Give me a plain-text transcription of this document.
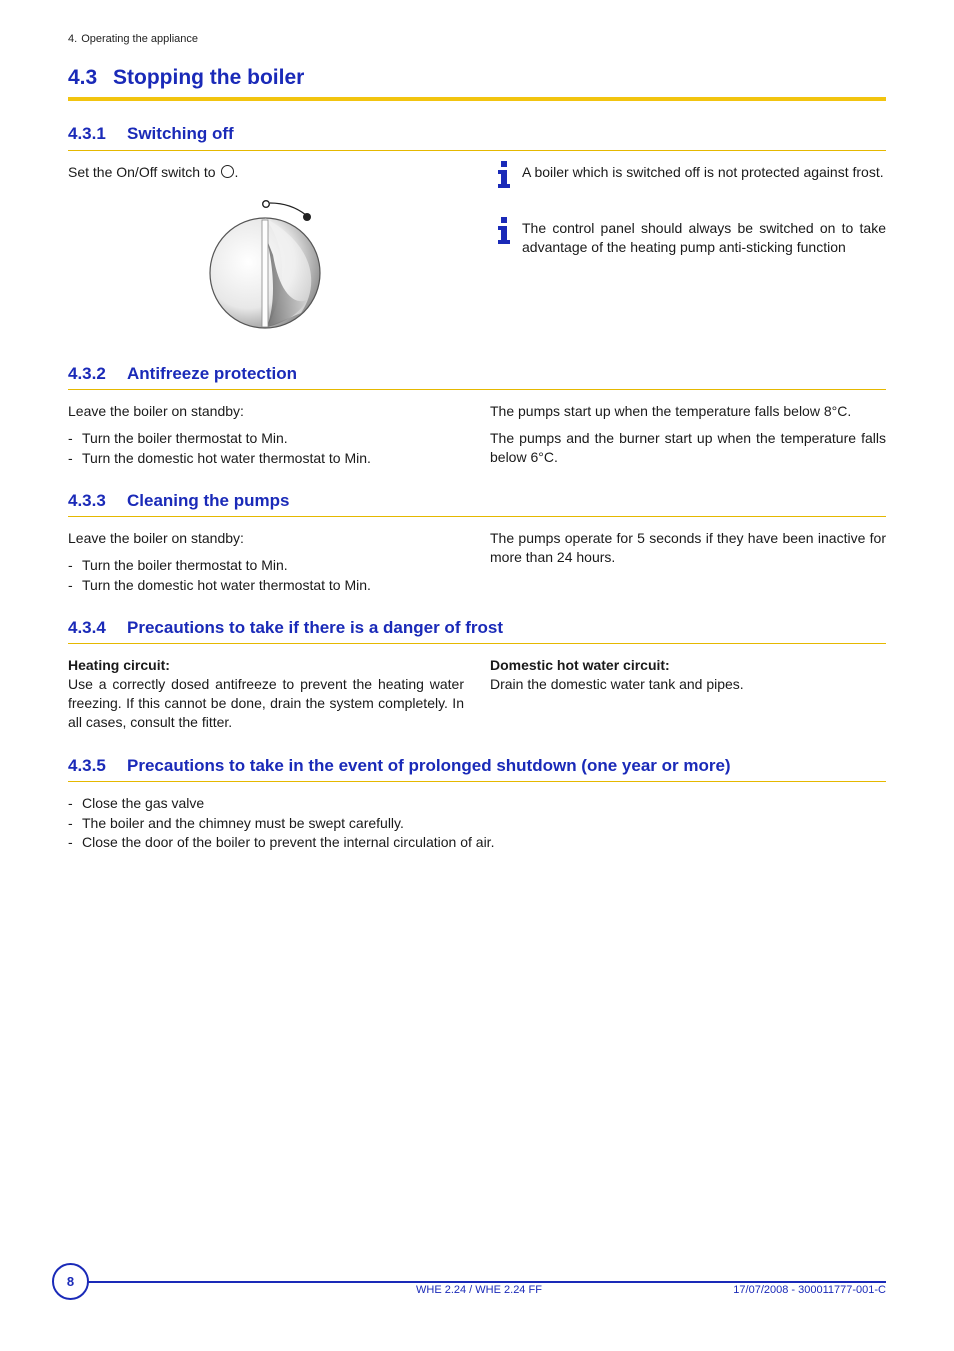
4. Operating the appliance
4.3 Stopping the boiler
4.3.1 Switching off
Set the On/Off switch to .	A boiler which is switched off is not protected against frost.
The control panel should always be switched on to take advantage of the heating pump anti-sticking function
4.3.2 Antifreeze protection
Leave the boiler on standby:
- Turn the boiler thermostat to Min.
- Turn the domestic hot water thermostat to Min.
The pumps start up when the temperature falls below 8°C.
The pumps and the burner start up when the temperature falls below 6°C.
4.3.3 Cleaning the pumps
Leave the boiler on standby:
- Turn the boiler thermostat to Min.
- Turn the domestic hot water thermostat to Min.
The pumps operate for 5 seconds if they have been inactive for more than 24 hours.
4.3.4 Precautions to take if there is a danger of frost
Heating circuit:
Use a correctly dosed antifreeze to prevent the heating water freezing. If this cannot be done, drain the system completely. In all cases, consult the fitter.
Domestic hot water circuit:
Drain the domestic water tank and pipes.
4.3.5 Precautions to take in the event of prolonged shutdown (one year or more)
- Close the gas valve
- The boiler and the chimney must be swept carefully.
- Close the door of the boiler to prevent the internal circulation of air.
8
WHE 2.24 / WHE 2.24 FF	17/07/2008 - 300011777-001-C
